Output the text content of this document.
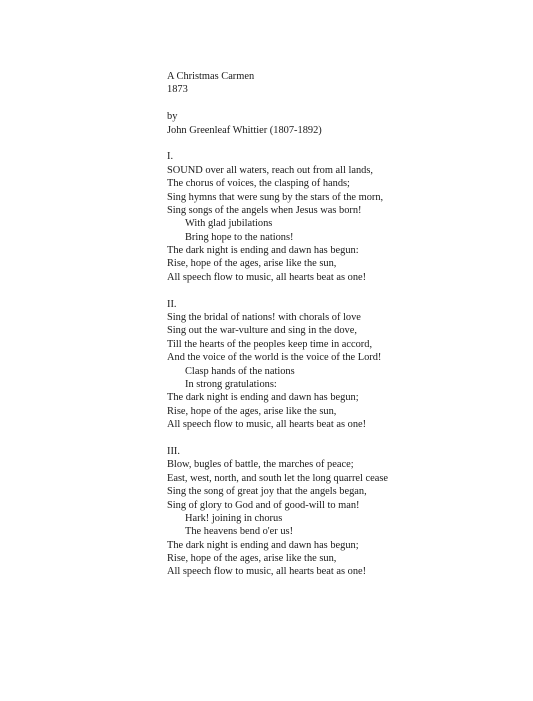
A Christmas Carmen
1873
by
John Greenleaf Whittier (1807-1892)
I.
SOUND over all waters, reach out from all lands,
The chorus of voices, the clasping of hands;
Sing hymns that were sung by the stars of the morn,
Sing songs of the angels when Jesus was born!
With glad jubilations
Bring hope to the nations!
The dark night is ending and dawn has begun:
Rise, hope of the ages, arise like the sun,
All speech flow to music, all hearts beat as one!
II.
Sing the bridal of nations! with chorals of love
Sing out the war-vulture and sing in the dove,
Till the hearts of the peoples keep time in accord,
And the voice of the world is the voice of the Lord!
Clasp hands of the nations
In strong gratulations:
The dark night is ending and dawn has begun;
Rise, hope of the ages, arise like the sun,
All speech flow to music, all hearts beat as one!
III.
Blow, bugles of battle, the marches of peace;
East, west, north, and south let the long quarrel cease
Sing the song of great joy that the angels began,
Sing of glory to God and of good-will to man!
Hark! joining in chorus
The heavens bend o'er us!
The dark night is ending and dawn has begun;
Rise, hope of the ages, arise like the sun,
All speech flow to music, all hearts beat as one!
